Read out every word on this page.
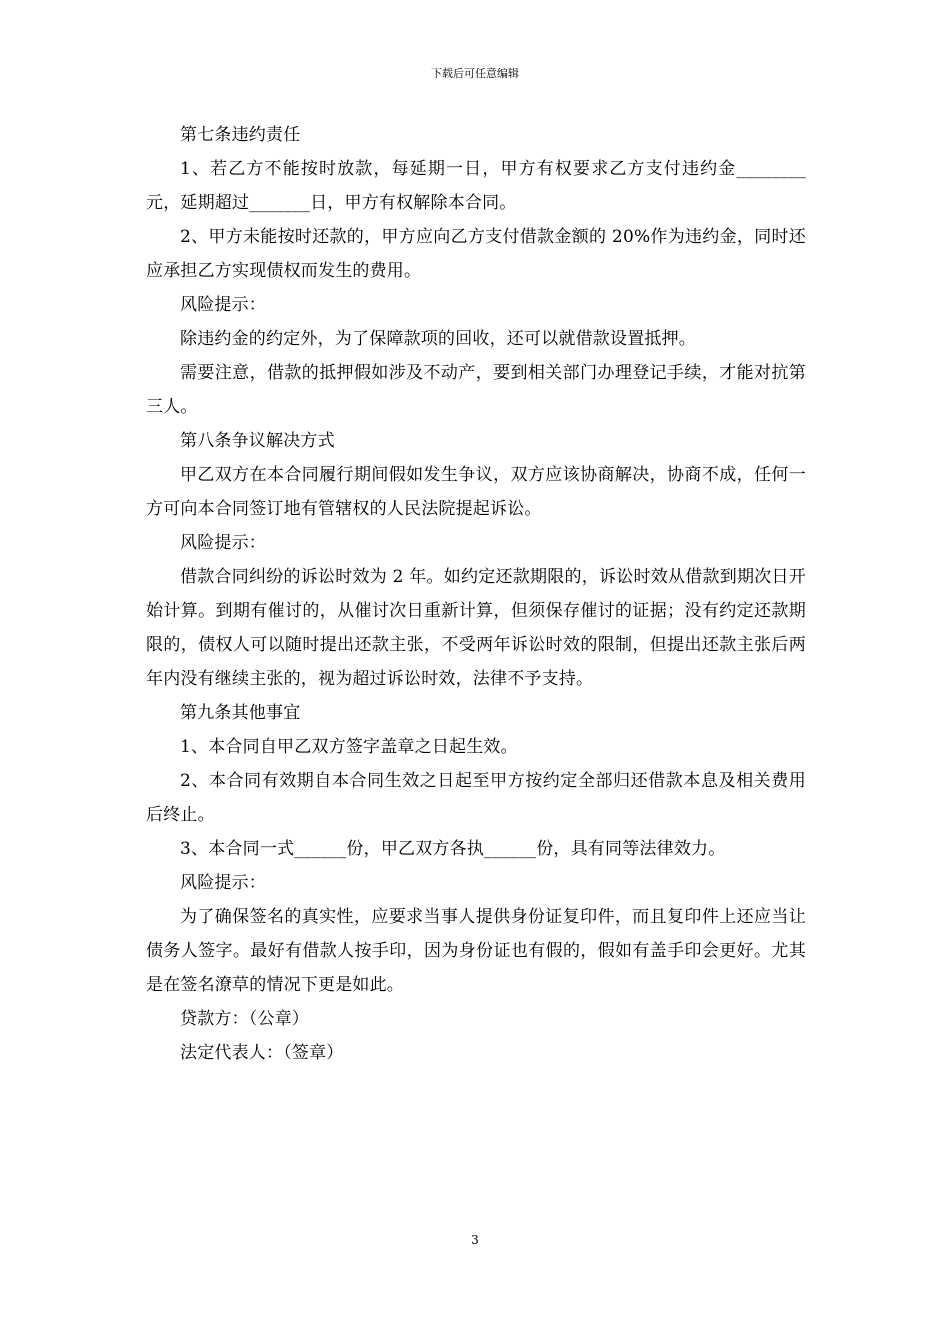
下载后可任意编辑

第七条违约责任

1、若乙方不能按时放款，每延期一日，甲方有权要求乙方支付违约金________元，延期超过_______日，甲方有权解除本合同。

2、甲方未能按时还款的，甲方应向乙方支付借款金额的 20%作为违约金，同时还应承担乙方实现债权而发生的费用。

风险提示：

除违约金的约定外，为了保障款项的回收，还可以就借款设置抵押。

需要注意，借款的抵押假如涉及不动产，要到相关部门办理登记手续，才能对抗第三人。

第八条争议解决方式

甲乙双方在本合同履行期间假如发生争议，双方应该协商解决，协商不成，任何一方可向本合同签订地有管辖权的人民法院提起诉讼。

风险提示：

借款合同纠纷的诉讼时效为 2 年。如约定还款期限的，诉讼时效从借款到期次日开始计算。到期有催讨的，从催讨次日重新计算，但须保存催讨的证据；没有约定还款期限的，债权人可以随时提出还款主张，不受两年诉讼时效的限制，但提出还款主张后两年内没有继续主张的，视为超过诉讼时效，法律不予支持。

第九条其他事宜

1、本合同自甲乙双方签字盖章之日起生效。

2、本合同有效期自本合同生效之日起至甲方按约定全部归还借款本息及相关费用后终止。

3、本合同一式______份，甲乙双方各执______份，具有同等法律效力。

风险提示：

为了确保签名的真实性，应要求当事人提供身份证复印件，而且复印件上还应当让债务人签字。最好有借款人按手印，因为身份证也有假的，假如有盖手印会更好。尤其是在签名潦草的情况下更是如此。

贷款方：（公章）

法定代表人：（签章）

3
